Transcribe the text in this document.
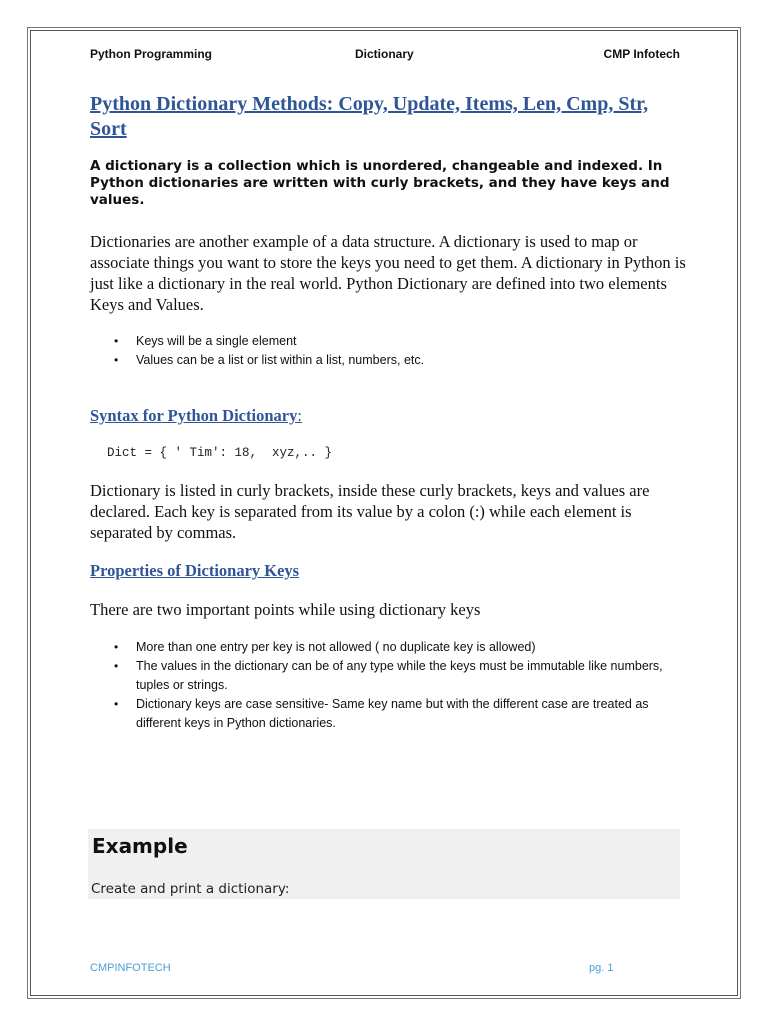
Python Programming	Dictionary	CMP Infotech
Python Dictionary Methods: Copy, Update, Items, Len, Cmp, Str, Sort
A dictionary is a collection which is unordered, changeable and indexed. In Python dictionaries are written with curly brackets, and they have keys and values.
Dictionaries are another example of a data structure. A dictionary is used to map or associate things you want to store the keys you need to get them. A dictionary in Python is just like a dictionary in the real world. Python Dictionary are defined into two elements Keys and Values.
• Keys will be a single element
• Values can be a list or list within a list, numbers, etc.
Syntax for Python Dictionary:
Dict = { ' Tim': 18,  xyz,.. }
Dictionary is listed in curly brackets, inside these curly brackets, keys and values are declared. Each key is separated from its value by a colon (:) while each element is separated by commas.
Properties of Dictionary Keys
There are two important points while using dictionary keys
• More than one entry per key is not allowed ( no duplicate key is allowed)
• The values in the dictionary can be of any type while the keys must be immutable like numbers, tuples or strings.
• Dictionary keys are case sensitive- Same key name but with the different case are treated as different keys in Python dictionaries.
Example
Create and print a dictionary:
CMPINFOTECH	pg. 1
